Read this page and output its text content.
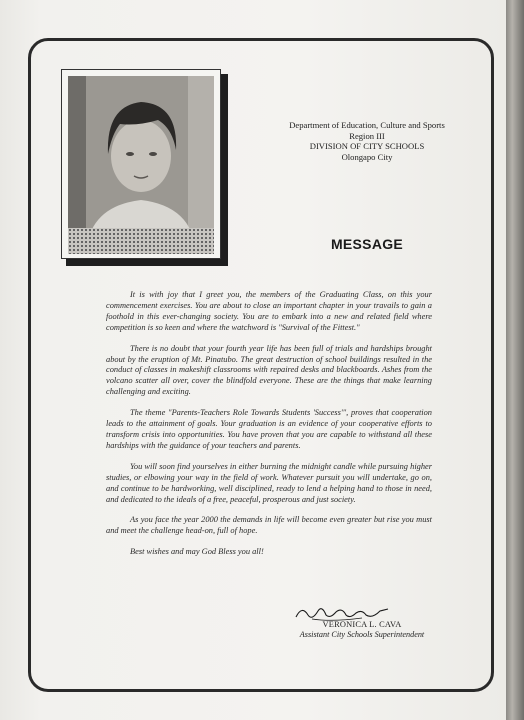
Department of Education, Culture and Sports
Region III
DIVISION OF CITY SCHOOLS
Olongapo City
MESSAGE

It is with joy that I greet you, the members of the Graduating Class, on this your commencement exercises. You are about to close an important chapter in your travails to gain a foothold in this ever-changing society. You are to embark into a new and related field where competition is so keen and where the watchword is "Survival of the Fittest."

There is no doubt that your fourth year life has been full of trials and hardships brought about by the eruption of Mt. Pinatubo. The great destruction of school buildings resulted in the conduct of classes in makeshift classrooms with repaired desks and blackboards. Ashes from the volcano scatter all over, cover the blindfold everyone. These are the things that make learning challenging and exciting.

The theme "Parents-Teachers Role Towards Students 'Success'", proves that cooperation leads to the attainment of goals. Your graduation is an evidence of your cooperative efforts to transform crisis into opportunities. You have proven that you are capable to withstand all these hardships with the guidance of your teachers and parents.

You will soon find yourselves in either burning the midnight candle while pursuing higher studies, or elbowing your way in the field of work. Whatever pursuit you will undertake, go on, and continue to be hardworking, well disciplined, ready to lend a helping hand to those in need, and dedicated to the ideals of a free, peaceful, prosperous and just society.

As you face the year 2000 the demands in life will become even greater but rise you must and meet the challenge head-on, full of hope.

Best wishes and may God Bless you all!

VERONICA L. CAVA
Assistant City Schools Superintendent
